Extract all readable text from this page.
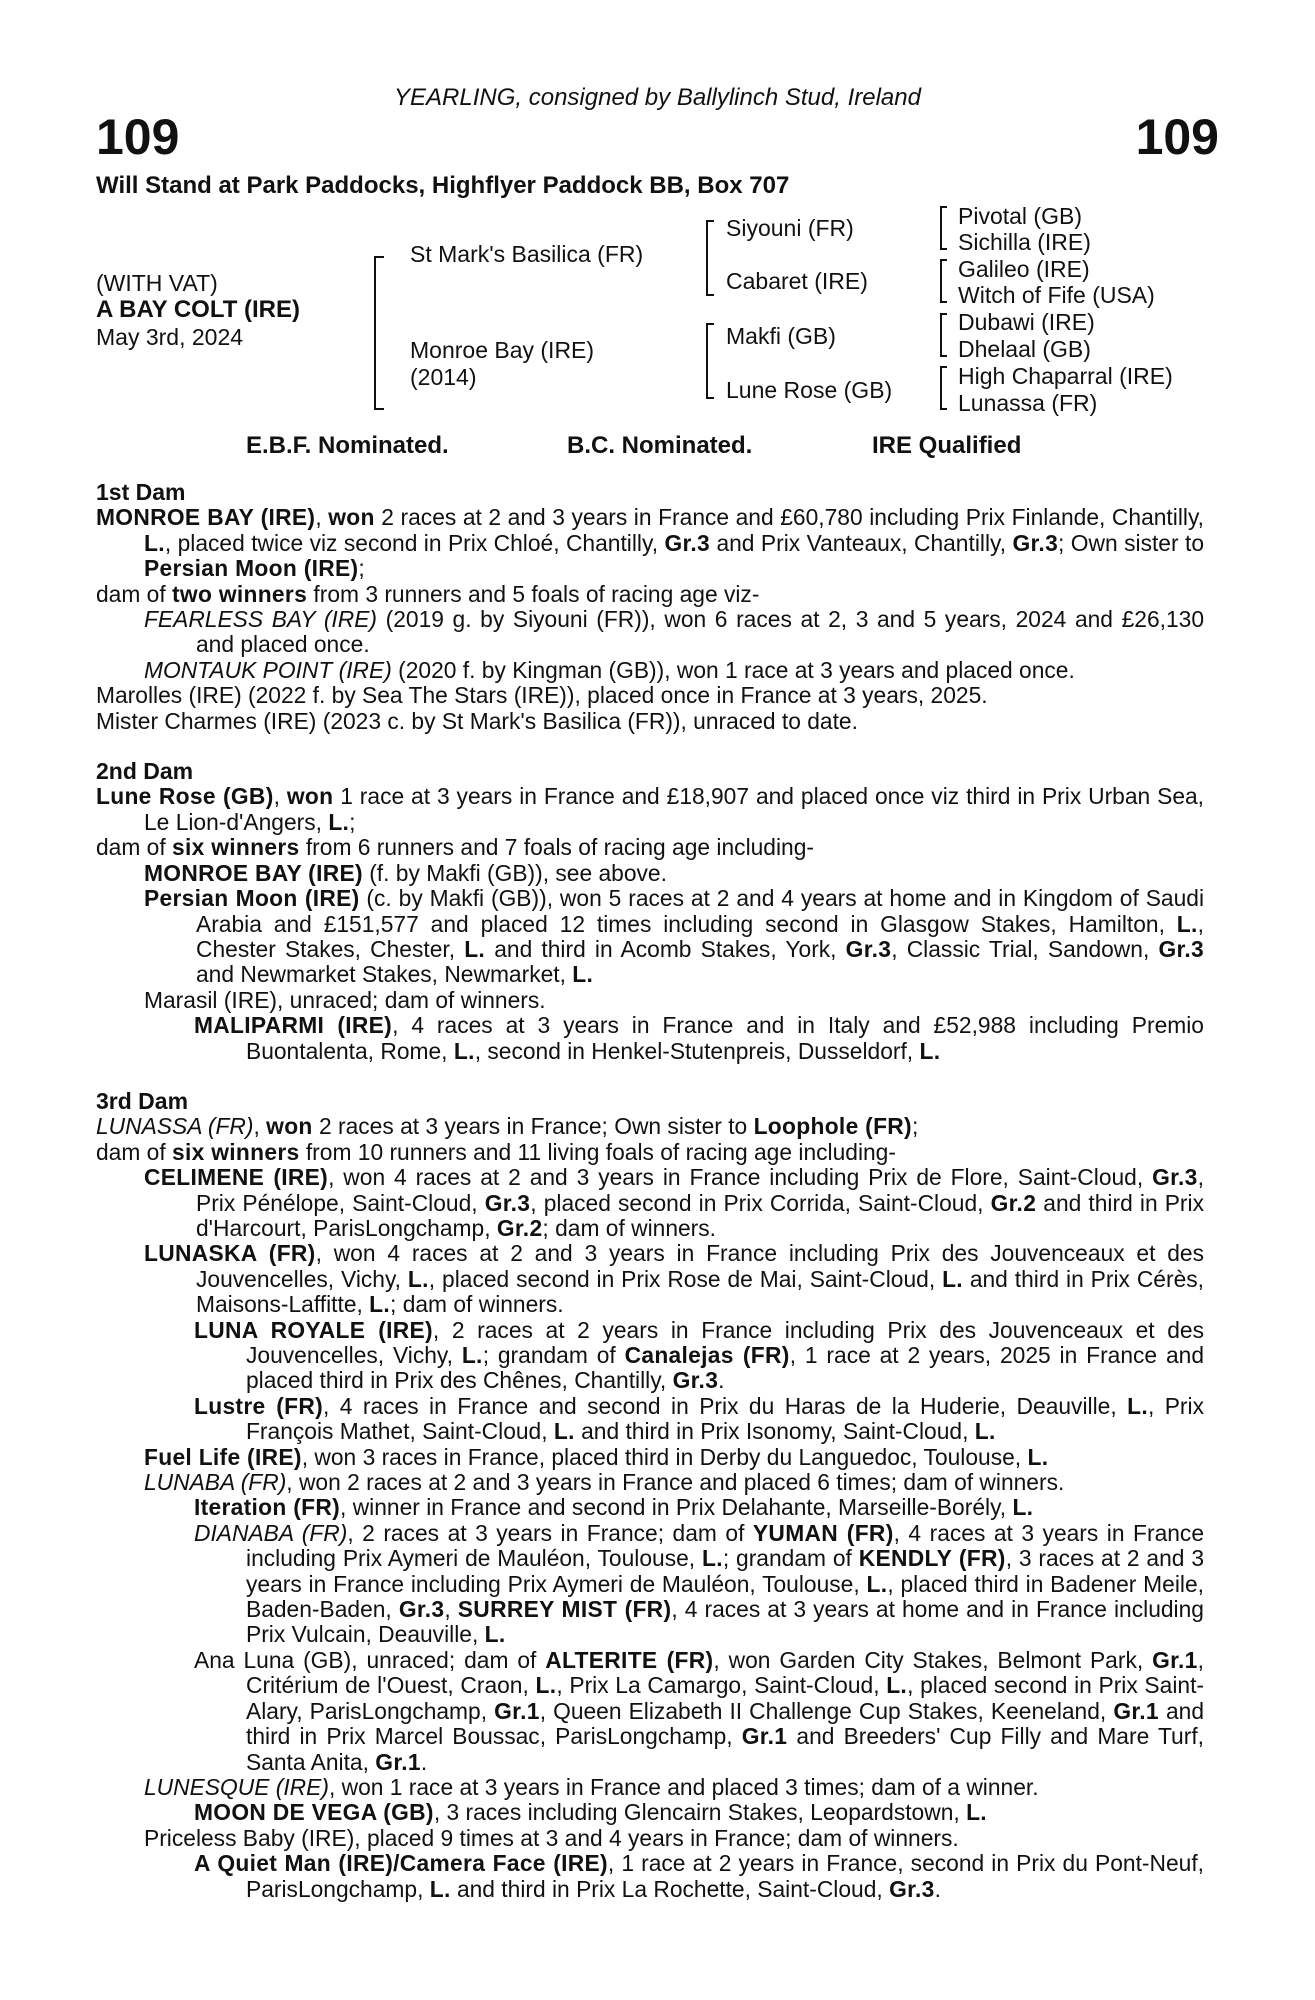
YEARLING, consigned by Ballylinch Stud, Ireland
109	109
Will Stand at Park Paddocks, Highflyer Paddock BB, Box 707
(WITH VAT)
A BAY COLT (IRE)
May 3rd, 2024
St Mark's Basilica (FR)
Monroe Bay (IRE)
(2014)
Siyouni (FR)
Cabaret (IRE)
Makfi (GB)
Lune Rose (GB)
Pivotal (GB)
Sichilla (IRE)
Galileo (IRE)
Witch of Fife (USA)
Dubawi (IRE)
Dhelaal (GB)
High Chaparral (IRE)
Lunassa (FR)
E.B.F. Nominated.	B.C. Nominated.	IRE Qualified
1st Dam

MONROE BAY (IRE), won 2 races at 2 and 3 years in France and £60,780 including Prix Finlande, Chantilly, L., placed twice viz second in Prix Chloé, Chantilly, Gr.3 and Prix Vanteaux, Chantilly, Gr.3; Own sister to Persian Moon (IRE);

dam of two winners from 3 runners and 5 foals of racing age viz-

FEARLESS BAY (IRE) (2019 g. by Siyouni (FR)), won 6 races at 2, 3 and 5 years, 2024 and £26,130 and placed once.

MONTAUK POINT (IRE) (2020 f. by Kingman (GB)), won 1 race at 3 years and placed once.

Marolles (IRE) (2022 f. by Sea The Stars (IRE)), placed once in France at 3 years, 2025.

Mister Charmes (IRE) (2023 c. by St Mark's Basilica (FR)), unraced to date.

2nd Dam

Lune Rose (GB), won 1 race at 3 years in France and £18,907 and placed once viz third in Prix Urban Sea, Le Lion-d'Angers, L.;

dam of six winners from 6 runners and 7 foals of racing age including-

MONROE BAY (IRE) (f. by Makfi (GB)), see above.

Persian Moon (IRE) (c. by Makfi (GB)), won 5 races at 2 and 4 years at home and in Kingdom of Saudi Arabia and £151,577 and placed 12 times including second in Glasgow Stakes, Hamilton, L., Chester Stakes, Chester, L. and third in Acomb Stakes, York, Gr.3, Classic Trial, Sandown, Gr.3 and Newmarket Stakes, Newmarket, L.

Marasil (IRE), unraced; dam of winners.

MALIPARMI (IRE), 4 races at 3 years in France and in Italy and £52,988 including Premio Buontalenta, Rome, L., second in Henkel-Stutenpreis, Dusseldorf, L.

3rd Dam

LUNASSA (FR), won 2 races at 3 years in France; Own sister to Loophole (FR);

dam of six winners from 10 runners and 11 living foals of racing age including-

CELIMENE (IRE), won 4 races at 2 and 3 years in France including Prix de Flore, Saint-Cloud, Gr.3, Prix Pénélope, Saint-Cloud, Gr.3, placed second in Prix Corrida, Saint-Cloud, Gr.2 and third in Prix d'Harcourt, ParisLongchamp, Gr.2; dam of winners.

LUNASKA (FR), won 4 races at 2 and 3 years in France including Prix des Jouvenceaux et des Jouvencelles, Vichy, L., placed second in Prix Rose de Mai, Saint-Cloud, L. and third in Prix Cérès, Maisons-Laffitte, L.; dam of winners.

LUNA ROYALE (IRE), 2 races at 2 years in France including Prix des Jouvenceaux et des Jouvencelles, Vichy, L.; grandam of Canalejas (FR), 1 race at 2 years, 2025 in France and placed third in Prix des Chênes, Chantilly, Gr.3.

Lustre (FR), 4 races in France and second in Prix du Haras de la Huderie, Deauville, L., Prix François Mathet, Saint-Cloud, L. and third in Prix Isonomy, Saint-Cloud, L.

Fuel Life (IRE), won 3 races in France, placed third in Derby du Languedoc, Toulouse, L.

LUNABA (FR), won 2 races at 2 and 3 years in France and placed 6 times; dam of winners.

Iteration (FR), winner in France and second in Prix Delahante, Marseille-Borély, L.

DIANABA (FR), 2 races at 3 years in France; dam of YUMAN (FR), 4 races at 3 years in France including Prix Aymeri de Mauléon, Toulouse, L.; grandam of KENDLY (FR), 3 races at 2 and 3 years in France including Prix Aymeri de Mauléon, Toulouse, L., placed third in Badener Meile, Baden-Baden, Gr.3, SURREY MIST (FR), 4 races at 3 years at home and in France including Prix Vulcain, Deauville, L.

Ana Luna (GB), unraced; dam of ALTERITE (FR), won Garden City Stakes, Belmont Park, Gr.1, Critérium de l'Ouest, Craon, L., Prix La Camargo, Saint-Cloud, L., placed second in Prix Saint-Alary, ParisLongchamp, Gr.1, Queen Elizabeth II Challenge Cup Stakes, Keeneland, Gr.1 and third in Prix Marcel Boussac, ParisLongchamp, Gr.1 and Breeders' Cup Filly and Mare Turf, Santa Anita, Gr.1.

LUNESQUE (IRE), won 1 race at 3 years in France and placed 3 times; dam of a winner.

MOON DE VEGA (GB), 3 races including Glencairn Stakes, Leopardstown, L.

Priceless Baby (IRE), placed 9 times at 3 and 4 years in France; dam of winners.

A Quiet Man (IRE)/Camera Face (IRE), 1 race at 2 years in France, second in Prix du Pont-Neuf, ParisLongchamp, L. and third in Prix La Rochette, Saint-Cloud, Gr.3.
